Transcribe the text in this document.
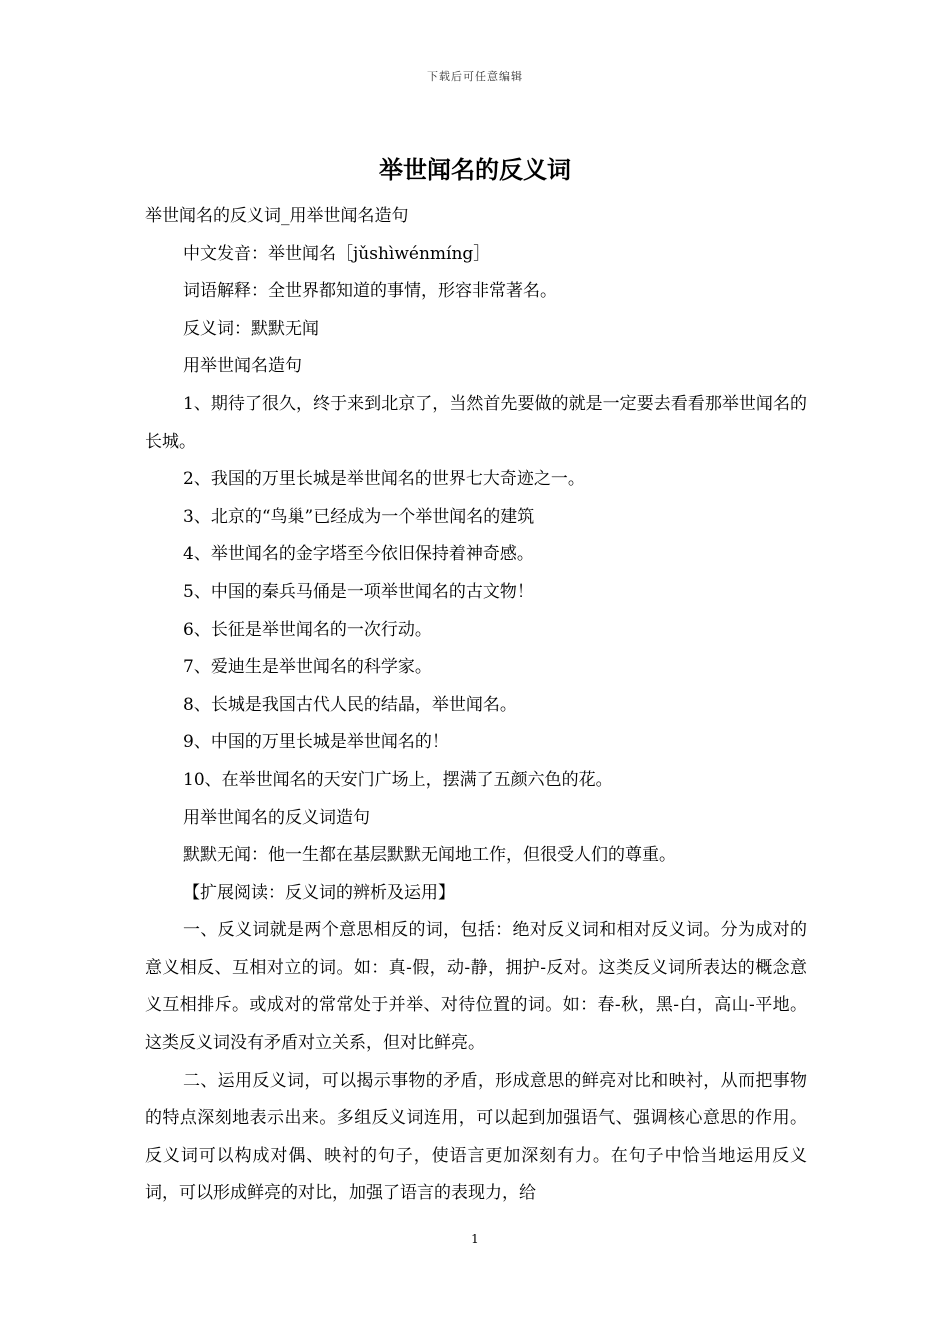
下载后可任意编辑
举世闻名的反义词

举世闻名的反义词_用举世闻名造句

中文发音：举世闻名［jǔshìwénmíng］

词语解释：全世界都知道的事情，形容非常著名。

反义词：默默无闻

用举世闻名造句

1、期待了很久，终于来到北京了，当然首先要做的就是一定要去看看那举世闻名的长城。

2、我国的万里长城是举世闻名的世界七大奇迹之一。

3、北京的“鸟巢”已经成为一个举世闻名的建筑

4、举世闻名的金字塔至今依旧保持着神奇感。

5、中国的秦兵马俑是一项举世闻名的古文物！

6、长征是举世闻名的一次行动。

7、爱迪生是举世闻名的科学家。

8、长城是我国古代人民的结晶，举世闻名。

9、中国的万里长城是举世闻名的！

10、在举世闻名的天安门广场上，摆满了五颜六色的花。

用举世闻名的反义词造句

默默无闻：他一生都在基层默默无闻地工作，但很受人们的尊重。

【扩展阅读：反义词的辨析及运用】

一、反义词就是两个意思相反的词，包括：绝对反义词和相对反义词。分为成对的意义相反、互相对立的词。如：真-假，动-静，拥护-反对。这类反义词所表达的概念意义互相排斥。或成对的常常处于并举、对待位置的词。如：春-秋，黑-白，高山-平地。这类反义词没有矛盾对立关系，但对比鲜亮。

二、运用反义词，可以揭示事物的矛盾，形成意思的鲜亮对比和映衬，从而把事物的特点深刻地表示出来。多组反义词连用，可以起到加强语气、强调核心意思的作用。反义词可以构成对偶、映衬的句子，使语言更加深刻有力。在句子中恰当地运用反义词，可以形成鲜亮的对比，加强了语言的表现力，给

1
